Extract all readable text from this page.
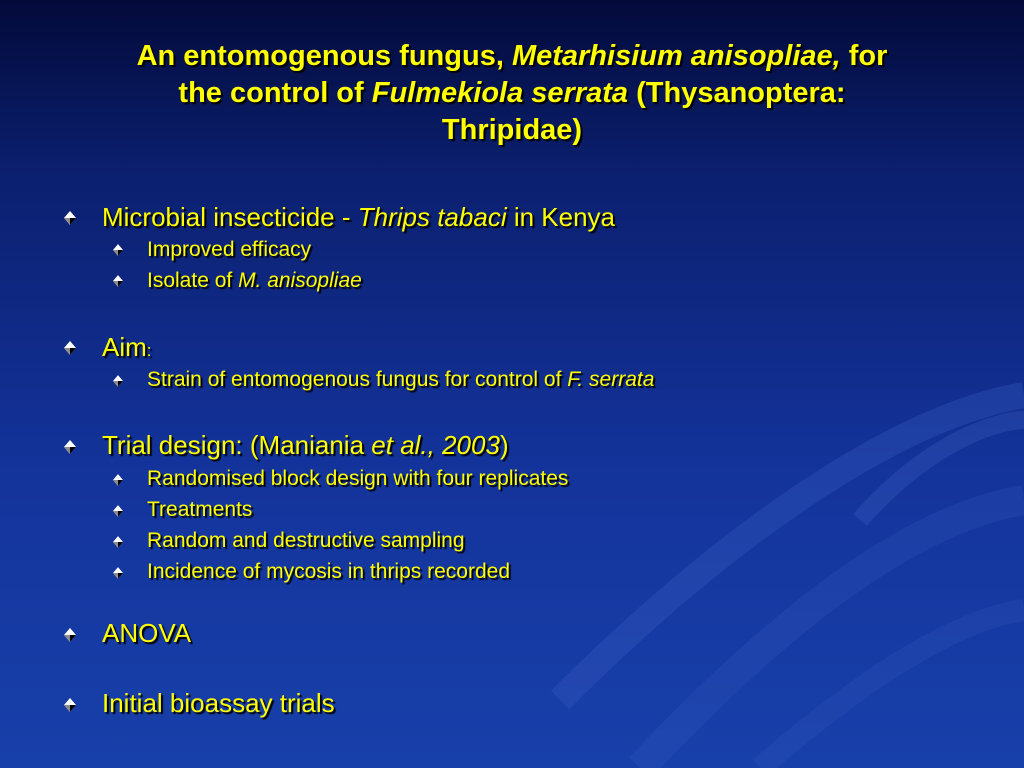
An entomogenous fungus, Metarhisium anisopliae, for
the control of Fulmekiola serrata (Thysanoptera:
Thripidae)
Microbial insecticide - Thrips tabaci in Kenya
Improved efficacy
Isolate of M. anisopliae
Aim:
Strain of entomogenous fungus for control of F. serrata
Trial design: (Maniania et al., 2003)
Randomised block design with four replicates
Treatments
Random and destructive sampling
Incidence of mycosis in thrips recorded
ANOVA
Initial bioassay trials
